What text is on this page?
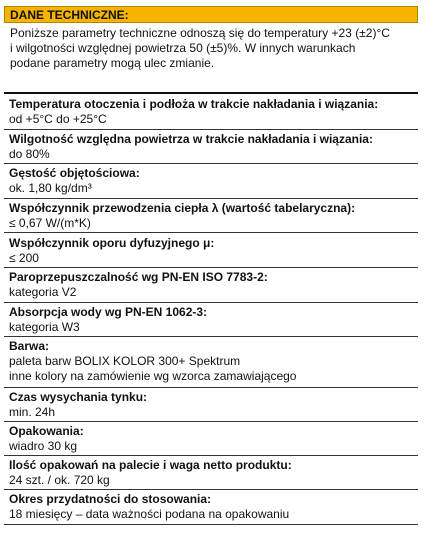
DANE TECHNICZNE:
Poniższe parametry techniczne odnoszą się do temperatury +23 (±2)°C
i wilgotności względnej powietrza 50 (±5)%. W innych warunkach
podane parametry mogą ulec zmianie.
Temperatura otoczenia i podłoża w trakcie nakładania i wiązania:
od +5°C do +25°C
Wilgotność względna powietrza w trakcie nakładania i wiązania:
do 80%
Gęstość objętościowa:
ok. 1,80 kg/dm³
Współczynnik przewodzenia ciepła λ (wartość tabelaryczna):
≤ 0,67 W/(m*K)
Współczynnik oporu dyfuzyjnego μ:
≤ 200
Paroprzepuszczalność wg PN-EN ISO 7783-2:
kategoria V2
Absorpcja wody wg PN-EN 1062-3:
kategoria W3
Barwa:
paleta barw BOLIX KOLOR 300+ Spektrum
inne kolory na zamówienie wg wzorca zamawiającego
Czas wysychania tynku:
min. 24h
Opakowania:
wiadro 30 kg
Ilość opakowań na palecie i waga netto produktu:
24 szt. / ok. 720 kg
Okres przydatności do stosowania:
18 miesięcy – data ważności podana na opakowaniu
